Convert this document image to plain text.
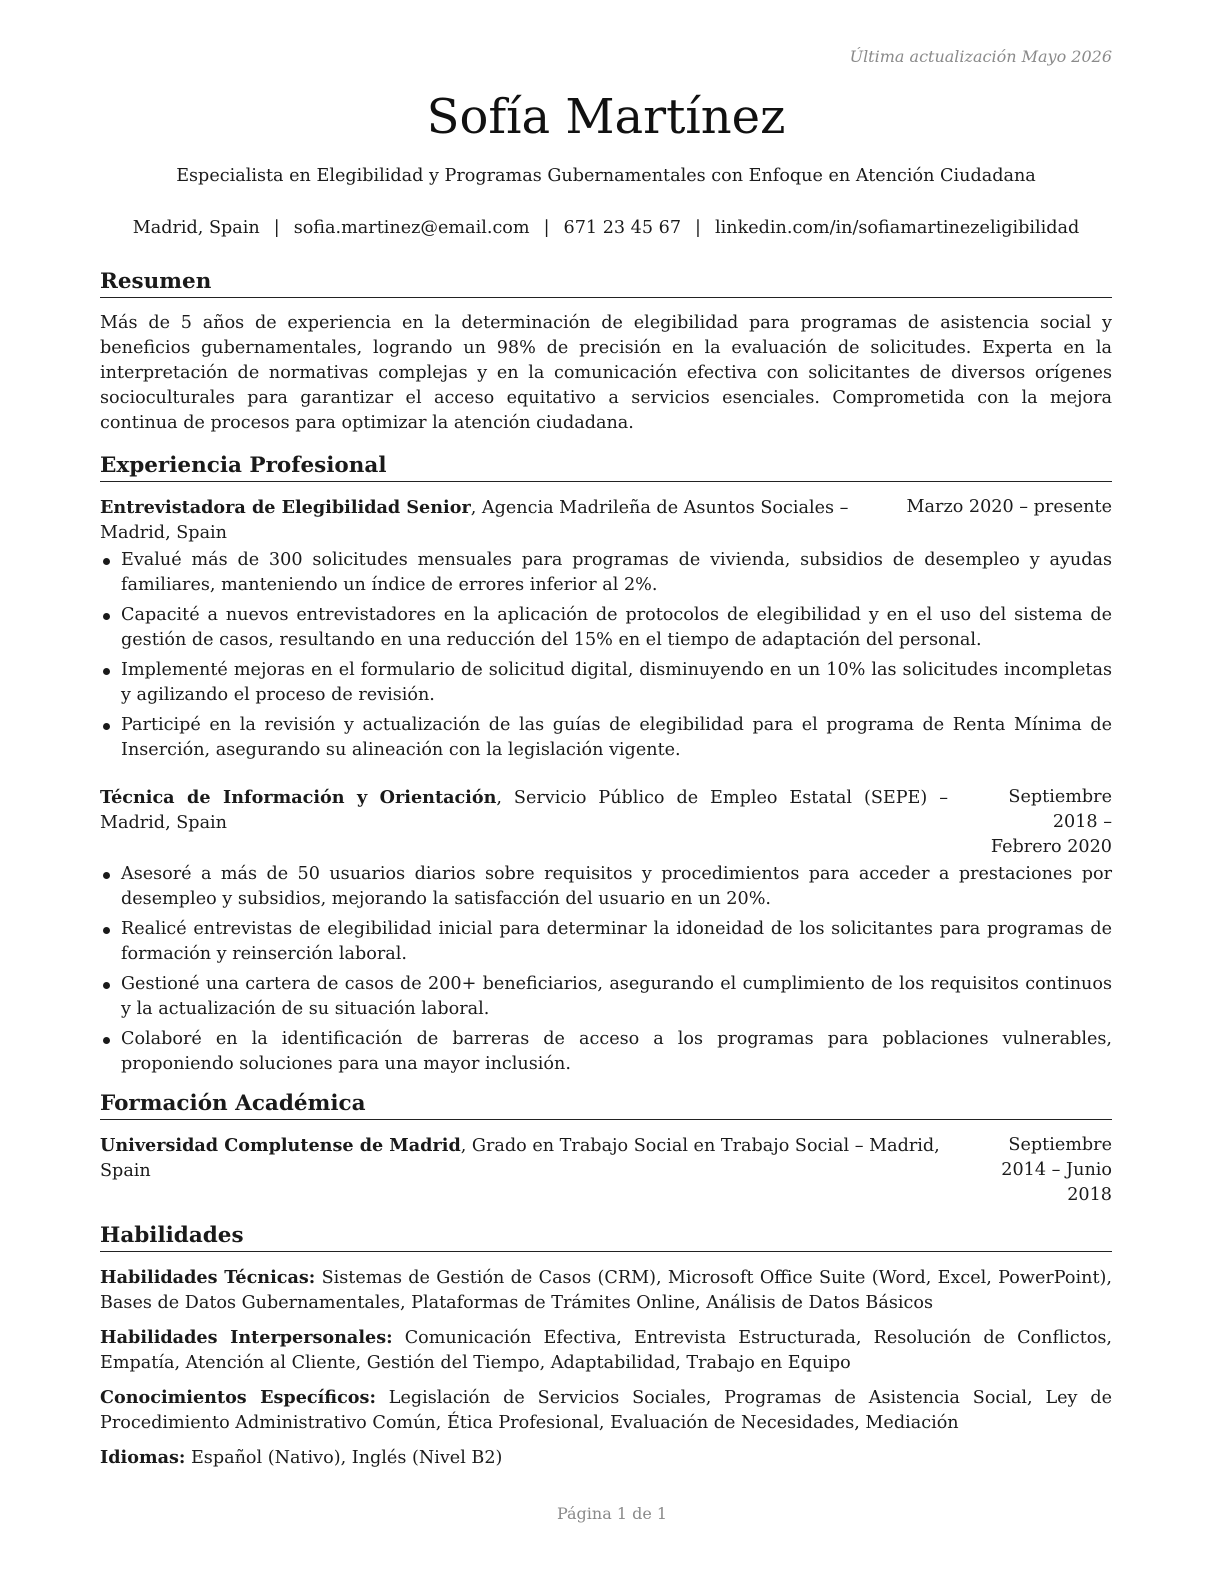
Última actualización Mayo 2026
Sofía Martínez
Especialista en Elegibilidad y Programas Gubernamentales con Enfoque en Atención Ciudadana
Madrid, Spain | sofia.martinez@email.com | 671 23 45 67 | linkedin.com/in/sofiamartinezeligibilidad
Resumen

Más de 5 años de experiencia en la determinación de elegibilidad para programas de asistencia social y beneficios gubernamentales, logrando un 98% de precisión en la evaluación de solicitudes. Experta en la interpretación de normativas complejas y en la comunicación efectiva con solicitantes de diversos orígenes socioculturales para garantizar el acceso equitativo a servicios esenciales. Comprometida con la mejora continua de procesos para optimizar la atención ciudadana.

Experiencia Profesional
Entrevistadora de Elegibilidad Senior, Agencia Madrileña de Asuntos Sociales – Madrid, Spain
Marzo 2020 – presente
Evalué más de 300 solicitudes mensuales para programas de vivienda, subsidios de desempleo y ayudas familiares, manteniendo un índice de errores inferior al 2%.
Capacité a nuevos entrevistadores en la aplicación de protocolos de elegibilidad y en el uso del sistema de gestión de casos, resultando en una reducción del 15% en el tiempo de adaptación del personal.
Implementé mejoras en el formulario de solicitud digital, disminuyendo en un 10% las solicitudes incompletas y agilizando el proceso de revisión.
Participé en la revisión y actualización de las guías de elegibilidad para el programa de Renta Mínima de Inserción, asegurando su alineación con la legislación vigente.
Técnica de Información y Orientación, Servicio Público de Empleo Estatal (SEPE) – Madrid, Spain
Septiembre 2018 – Febrero 2020
Asesoré a más de 50 usuarios diarios sobre requisitos y procedimientos para acceder a prestaciones por desempleo y subsidios, mejorando la satisfacción del usuario en un 20%.
Realicé entrevistas de elegibilidad inicial para determinar la idoneidad de los solicitantes para programas de formación y reinserción laboral.
Gestioné una cartera de casos de 200+ beneficiarios, asegurando el cumplimiento de los requisitos continuos y la actualización de su situación laboral.
Colaboré en la identificación de barreras de acceso a los programas para poblaciones vulnerables, proponiendo soluciones para una mayor inclusión.
Formación Académica
Universidad Complutense de Madrid, Grado en Trabajo Social en Trabajo Social – Madrid, Spain
Septiembre 2014 – Junio 2018
Habilidades
Habilidades Técnicas: Sistemas de Gestión de Casos (CRM), Microsoft Office Suite (Word, Excel, PowerPoint), Bases de Datos Gubernamentales, Plataformas de Trámites Online, Análisis de Datos Básicos
Habilidades Interpersonales: Comunicación Efectiva, Entrevista Estructurada, Resolución de Conflictos, Empatía, Atención al Cliente, Gestión del Tiempo, Adaptabilidad, Trabajo en Equipo
Conocimientos Específicos: Legislación de Servicios Sociales, Programas de Asistencia Social, Ley de Procedimiento Administrativo Común, Ética Profesional, Evaluación de Necesidades, Mediación
Idiomas: Español (Nativo), Inglés (Nivel B2)
Página 1 de 1
